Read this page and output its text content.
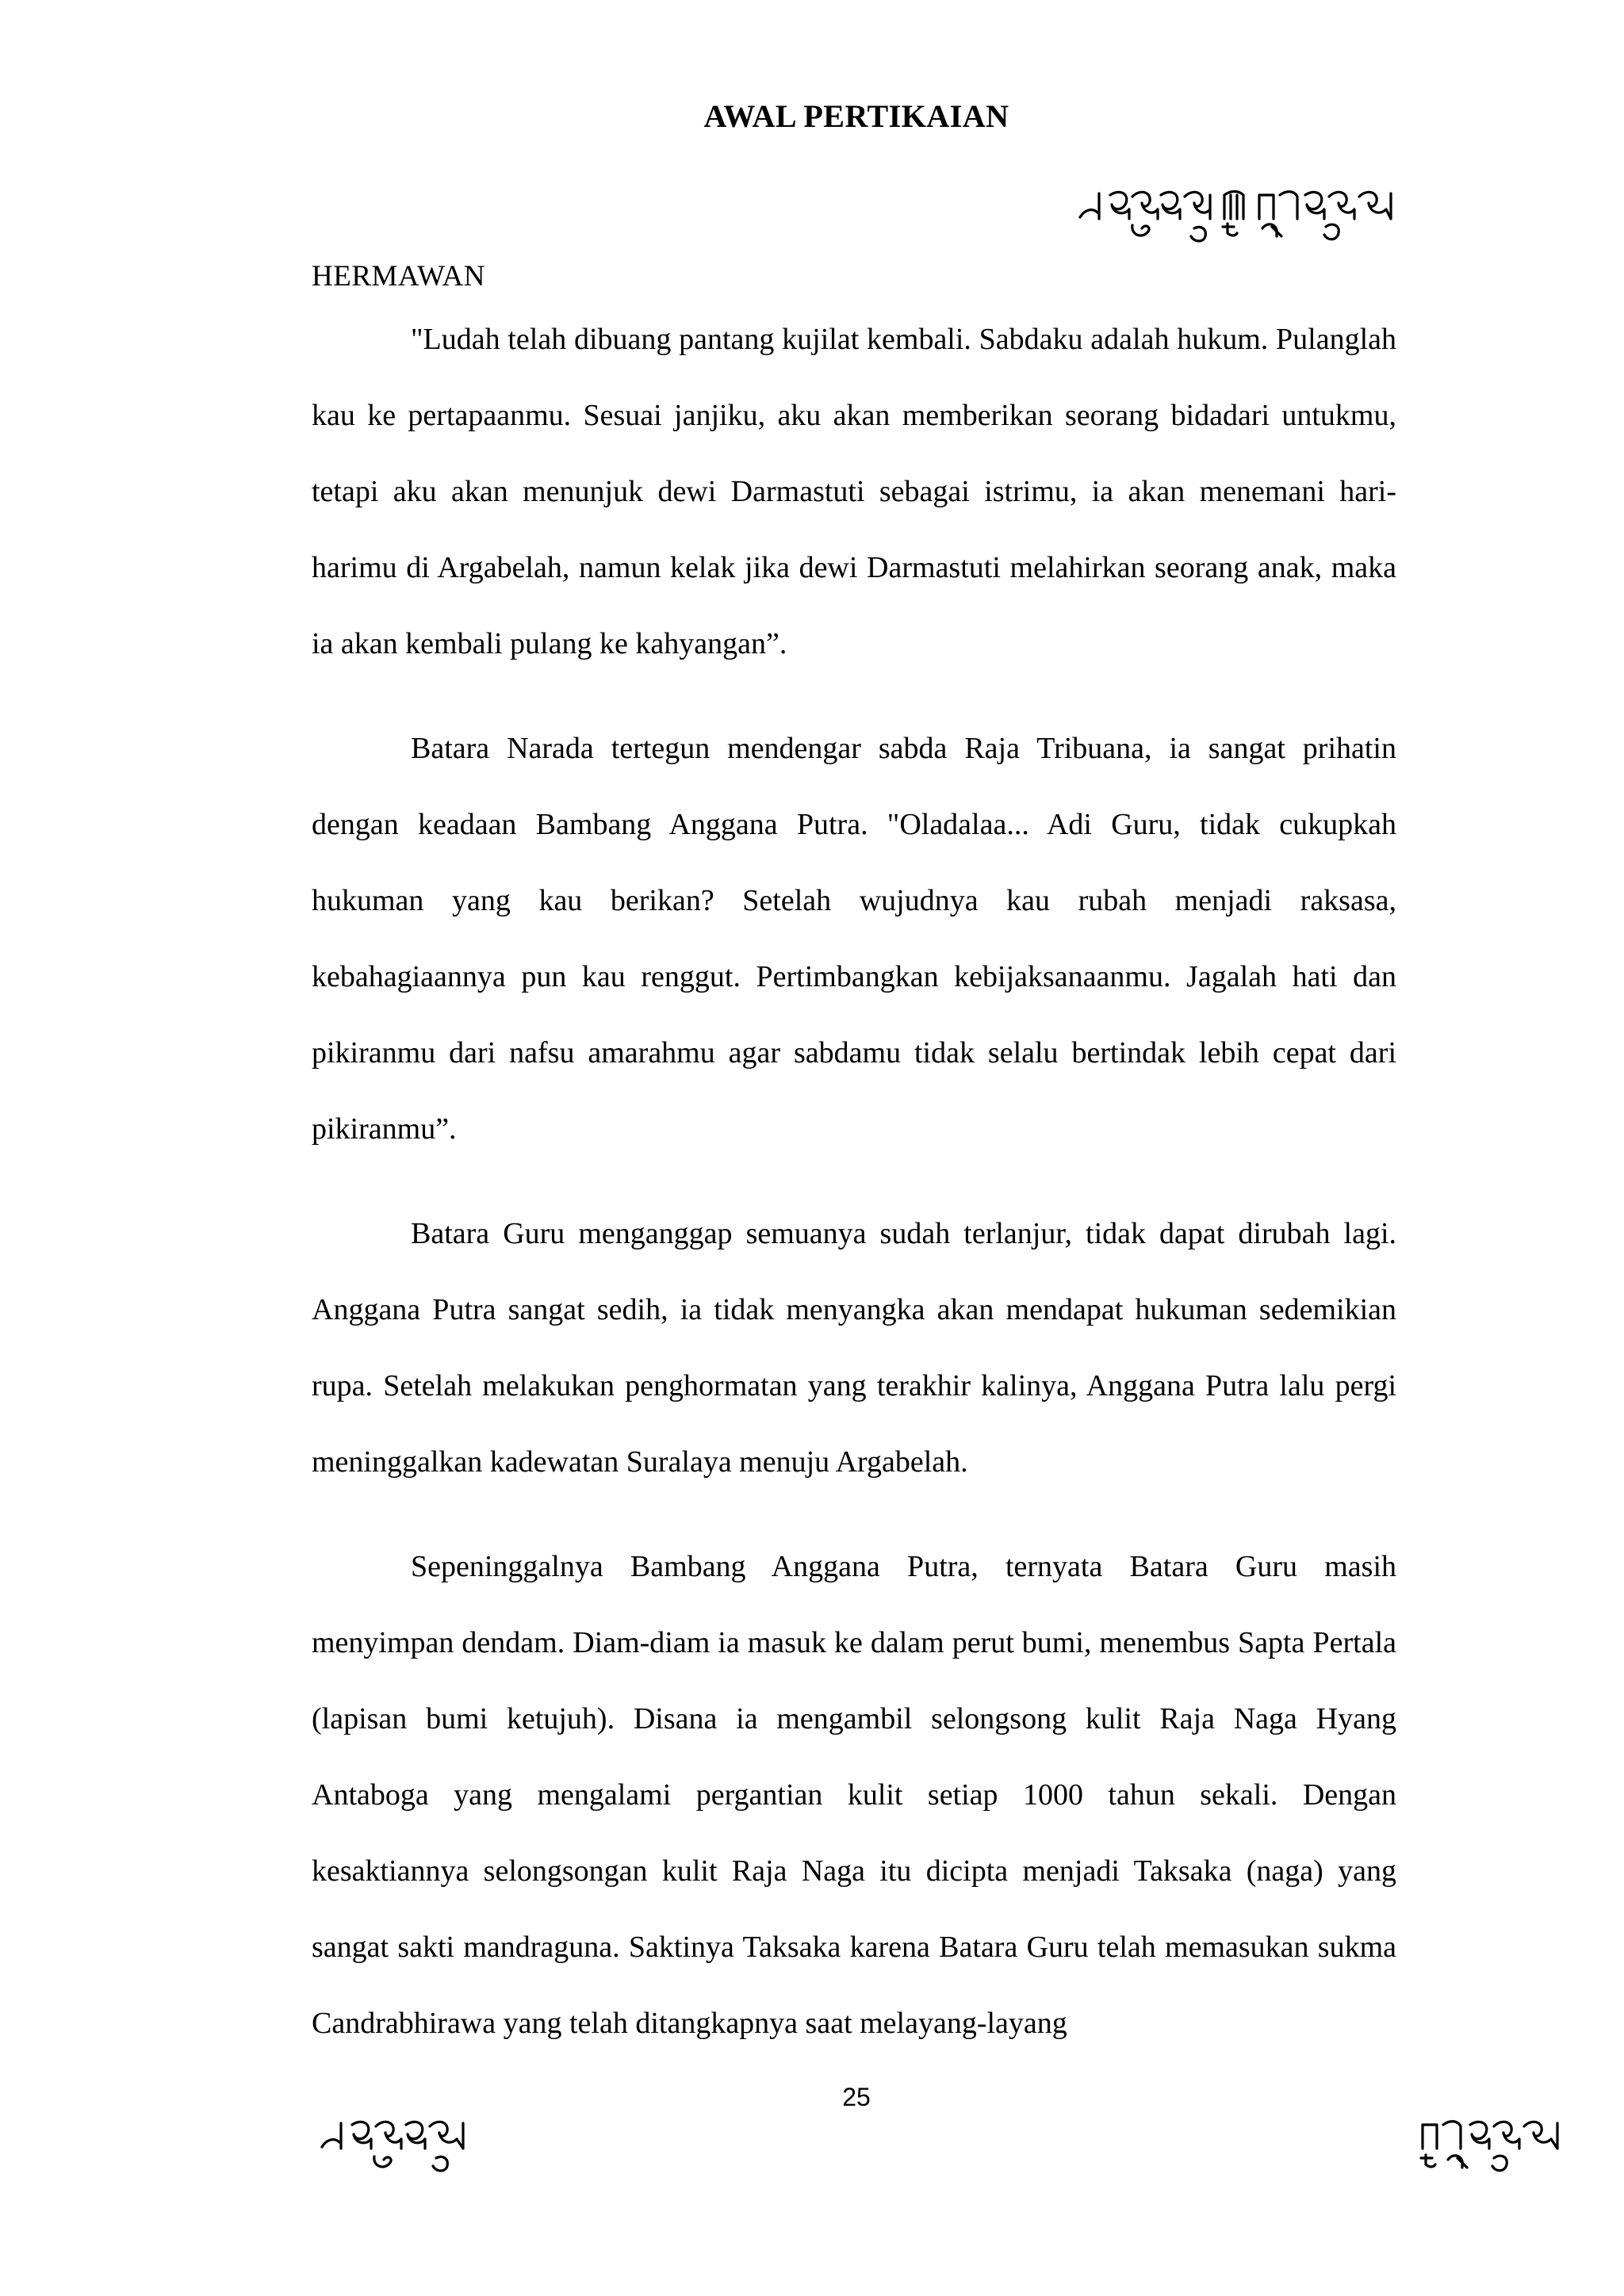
AWAL PERTIKAIAN
HERMAWAN

"Ludah telah dibuang pantang kujilat kembali. Sabdaku adalah hukum. Pulanglah kau ke pertapaanmu. Sesuai janjiku, aku akan memberikan seorang bidadari untukmu, tetapi aku akan menunjuk dewi Darmastuti sebagai istrimu, ia akan menemani hari-harimu di Argabelah, namun kelak jika dewi Darmastuti melahirkan seorang anak, maka ia akan kembali pulang ke kahyangan”.

Batara Narada tertegun mendengar sabda Raja Tribuana, ia sangat prihatin dengan keadaan Bambang Anggana Putra. "Oladalaa... Adi Guru, tidak cukupkah hukuman yang kau berikan? Setelah wujudnya kau rubah menjadi raksasa, kebahagiaannya pun kau renggut. Pertimbangkan kebijaksanaanmu. Jagalah hati dan pikiranmu dari nafsu amarahmu agar sabdamu tidak selalu bertindak lebih cepat dari pikiranmu”.

Batara Guru menganggap semuanya sudah terlanjur, tidak dapat dirubah lagi. Anggana Putra sangat sedih, ia tidak menyangka akan mendapat hukuman sedemikian rupa. Setelah melakukan penghormatan yang terakhir kalinya, Anggana Putra lalu pergi meninggalkan kadewatan Suralaya menuju Argabelah.

Sepeninggalnya Bambang Anggana Putra, ternyata Batara Guru masih menyimpan dendam. Diam-diam ia masuk ke dalam perut bumi, menembus Sapta Pertala (lapisan bumi ketujuh). Disana ia mengambil selongsong kulit Raja Naga Hyang Antaboga yang mengalami pergantian kulit setiap 1000 tahun sekali. Dengan kesaktiannya selongsongan kulit Raja Naga itu dicipta menjadi Taksaka (naga) yang sangat sakti mandraguna. Saktinya Taksaka karena Batara Guru telah memasukan sukma Candrabhirawa yang telah ditangkapnya saat melayang-layang

25
